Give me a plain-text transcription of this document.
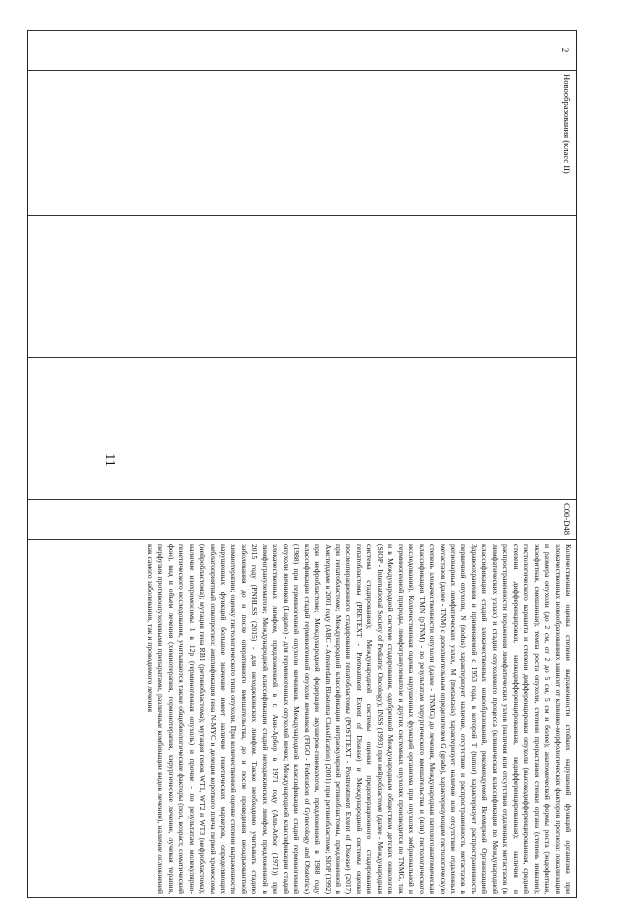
11
2
Новообразования (класс II)
C00-D48
Количественная оценка степени выраженности стойких нарушений функций организма при злокачественных новообразованиях зависит от клинико-морфологических факторов прогноза: локализация и размера опухоли (до 2 см, от 2 до 5 см, 5 см и более); анатомической формы роста (эндофитная, экзофитная, смешанная); темпа роста опухоли, степени прорастания стенки органа (степень инвазии); гистологического варианта и степени дифференцировки опухоли (высокодифференцированная, средней степени дифференцировки, низкодифференцированная, недифференцированная); наличия и распространенности поражения лимфатических узлов (наличия или отсутствия отдаленных метастазов (в лимфатических узлах) и стадии опухолевого процесса (клиническая классификация по Международной классификации стадий злокачественных новообразований, рекомендуемой Всемирной Организацией Здравоохранения и применяемой с 1953 года, в которой T (tumor) характеризует распространенность первичной опухоли, N (nodus) характеризует наличие, отсутствие и распространенность метастазов в регионарных лимфатических узлах, M (metastasis) характеризует наличие или отсутствие отдаленных метастазов (далее - TNM) с дополнительным определителем G (grade), характеризующим гистологическую степень злокачественности опухоли (далее - TNMG) до лечения, Международная патологоанатомическая классификация TMN (pTNM) - по результатам хирургического вмешательства и (или) гистологического исследования). Количественная оценка нарушенных функций организма при опухолях эмбриональной и герминогенной природы, лимфогранулематозе и других системных опухолях производится по TNMG, так и в Международной системе стадирования, одобренной Международным обществом детских онкологов (SIOP - International Society of Pediatric Oncology); INSS (1993) при нейробластоме (далее - Международная система стадирования); Международной системы оценки предоперационного стадирования гепатобластомы (PRETEXT - Pretreatment Extent of Disease) и Международной системы оценки послеоперационного стадирования гепатобластомы (POSTTEXT - Posttreatment Extent of Disease) (2017) при гепатобластоме; Международной классификации интраокулярной ретинобластомы, предложенной в Амстердаме в 2001 году (ABC - Amsterdam Blastoma Classification) (2001) при ретинобластоме; SIOP (1992) при нефробластоме; Международной федерации акушеров-гинекологов, предложенной в 1988 году классификации стадий герминогенной опухоли яичников (FIGO - Federation of Gynecology and Obstetrics) (1988) при герминогенной опухоли яичников. Международной классификации стадий герминогенной опухоли яичников (Lugano) - для герминогенных опухолей яичек; Международной классификации стадий злокачественных лимфом, предложенной в г. Анн-Арбор в 1971 году (Ann-Arbor (1971)) при лимфогранулематозе; Международной классификации стадий неходжкинских лимфом, предложенной в 2015 году (PNHLSS (2015) - для неходжкинских лимфом. Также необходимо учитывать стадию заболевания до и после оперативного вмешательства, до и после проведения неоадъювантной химиотерапии; оценку гистологического типа опухоли. При количественной оценке степени выраженности нарушенных функций большое значение имеет наличие генетических маркеров, определяющих неблагоприятный опкопрогноз: амплификация гена N-MYC и делеция короткого плеча первой хромосомы (нейробластома); мутация гена RB1 (ретинобластома); мутация генов WT1, WT2 и WT3 (нефробластома); наличие изохромосомы 1 в 12p (герминогенная опухоль) и прочие - по результатам молекулярно-генетического исследования, учитываются также общебиологические факторы (пол, возраст, соматический фон), вид и объем лечения (химиотерапия, гормонотерапия, хирургическое лечение, лучевая терапия, перфузия противоопухолевыми препаратами, различные комбинации видов лечения), наличие осложнений как самого заболевания, так и проводимого лечения
